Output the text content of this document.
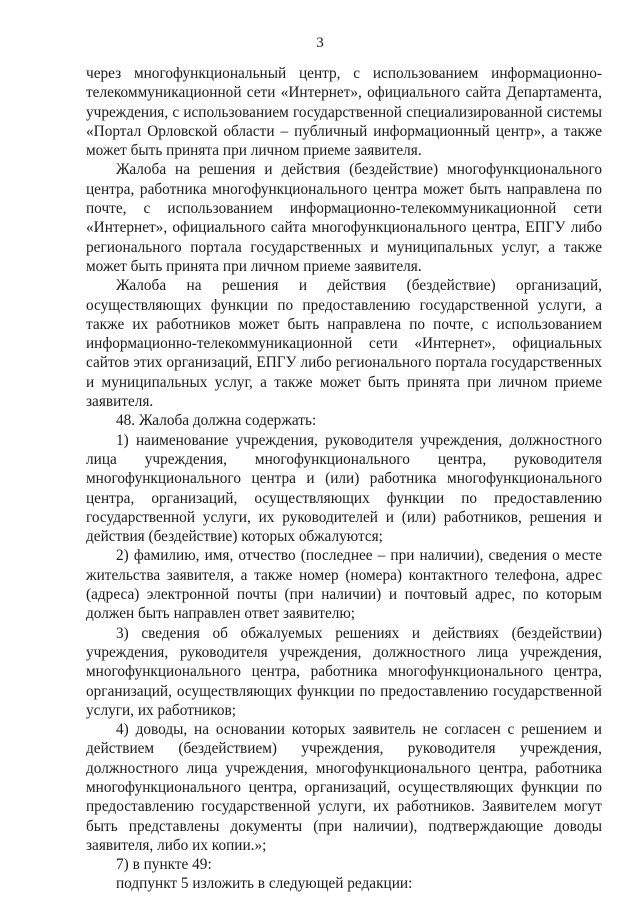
3

через многофункциональный центр, с использованием информационно-телекоммуникационной сети «Интернет», официального сайта Департамента, учреждения, с использованием государственной специализированной системы «Портал Орловской области – публичный информационный центр», а также может быть принята при личном приеме заявителя.

Жалоба на решения и действия (бездействие) многофункционального центра, работника многофункционального центра может быть направлена по почте, с использованием информационно-телекоммуникационной сети «Интернет», официального сайта многофункционального центра, ЕПГУ либо регионального портала государственных и муниципальных услуг, а также может быть принята при личном приеме заявителя.

Жалоба на решения и действия (бездействие) организаций, осуществляющих функции по предоставлению государственной услуги, а также их работников может быть направлена по почте, с использованием информационно-телекоммуникационной сети «Интернет», официальных сайтов этих организаций, ЕПГУ либо регионального портала государственных и муниципальных услуг, а также может быть принята при личном приеме заявителя.

48. Жалоба должна содержать:

1) наименование учреждения, руководителя учреждения, должностного лица учреждения, многофункционального центра, руководителя многофункционального центра и (или) работника многофункционального центра, организаций, осуществляющих функции по предоставлению государственной услуги, их руководителей и (или) работников, решения и действия (бездействие) которых обжалуются;

2) фамилию, имя, отчество (последнее – при наличии), сведения о месте жительства заявителя, а также номер (номера) контактного телефона, адрес (адреса) электронной почты (при наличии) и почтовый адрес, по которым должен быть направлен ответ заявителю;

3) сведения об обжалуемых решениях и действиях (бездействии) учреждения, руководителя учреждения, должностного лица учреждения, многофункционального центра, работника многофункционального центра, организаций, осуществляющих функции по предоставлению государственной услуги, их работников;

4) доводы, на основании которых заявитель не согласен с решением и действием (бездействием) учреждения, руководителя учреждения, должностного лица учреждения, многофункционального центра, работника многофункционального центра, организаций, осуществляющих функции по предоставлению государственной услуги, их работников. Заявителем могут быть представлены документы (при наличии), подтверждающие доводы заявителя, либо их копии.»;

7) в пункте 49:

подпункт 5 изложить в следующей редакции:
